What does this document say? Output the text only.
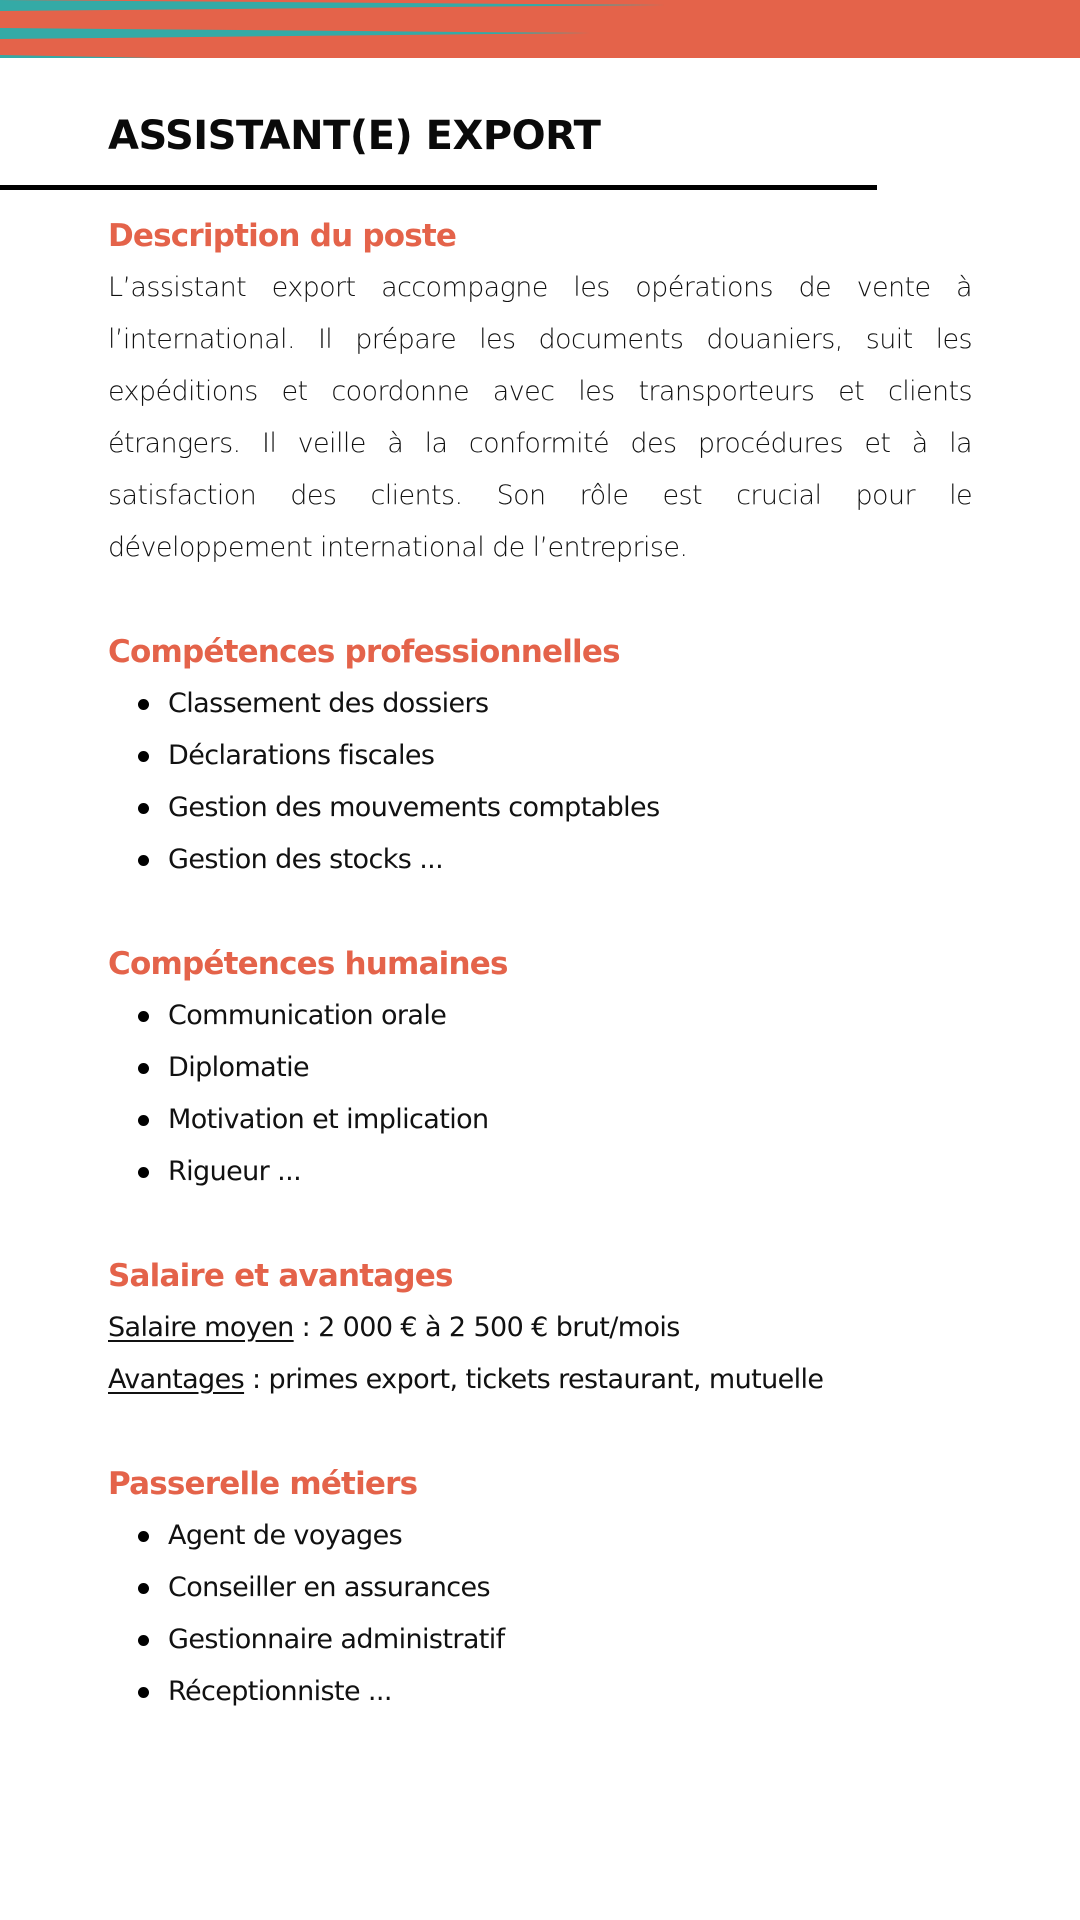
ASSISTANT(E) EXPORT
Description du poste

L’assistant export accompagne les opérations de vente à l’international. Il prépare les documents douaniers, suit les expéditions et coordonne avec les transporteurs et clients étrangers. Il veille à la conformité des procédures et à la satisfaction des clients. Son rôle est crucial pour le développement international de l’entreprise.

Compétences professionnelles
Classement des dossiers
Déclarations fiscales
Gestion des mouvements comptables
Gestion des stocks ...
Compétences humaines
Communication orale
Diplomatie
Motivation et implication
Rigueur ...
Salaire et avantages

Salaire moyen : 2 000 € à 2 500 € brut/mois

Avantages : primes export, tickets restaurant, mutuelle

Passerelle métiers
Agent de voyages
Conseiller en assurances
Gestionnaire administratif
Réceptionniste ...
